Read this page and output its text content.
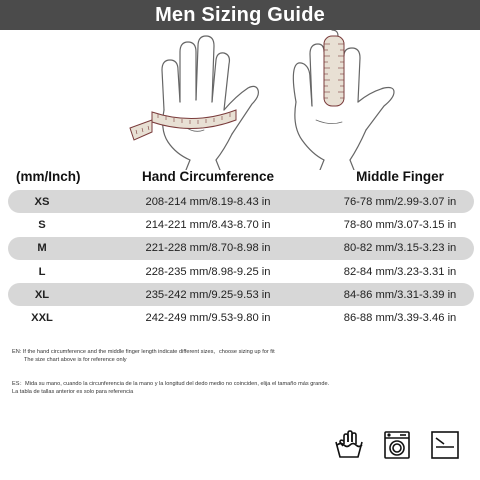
Men Sizing Guide
(mm/Inch)	Hand Circumference	Middle Finger
XS	208-214 mm/8.19-8.43 in	76-78 mm/2.99-3.07 in
S	214-221 mm/8.43-8.70 in	78-80 mm/3.07-3.15 in
M	221-228 mm/8.70-8.98 in	80-82 mm/3.15-3.23 in
L	228-235 mm/8.98-9.25 in	82-84 mm/3.23-3.31 in
XL	235-242 mm/9.25-9.53 in	84-86 mm/3.31-3.39 in
XXL	242-249 mm/9.53-9.80 in	86-88 mm/3.39-3.46 in
EN: If the hand circumference and the middle finger length indicate different sizes，choose sizing up for fit
The size chart above is for reference only
ES：Mida su mano, cuando la circunferencia de la mano y la longitud del dedo medio no coinciden, elija el tamaño más grande.
La tabla de tallas anterior es solo para referencia
